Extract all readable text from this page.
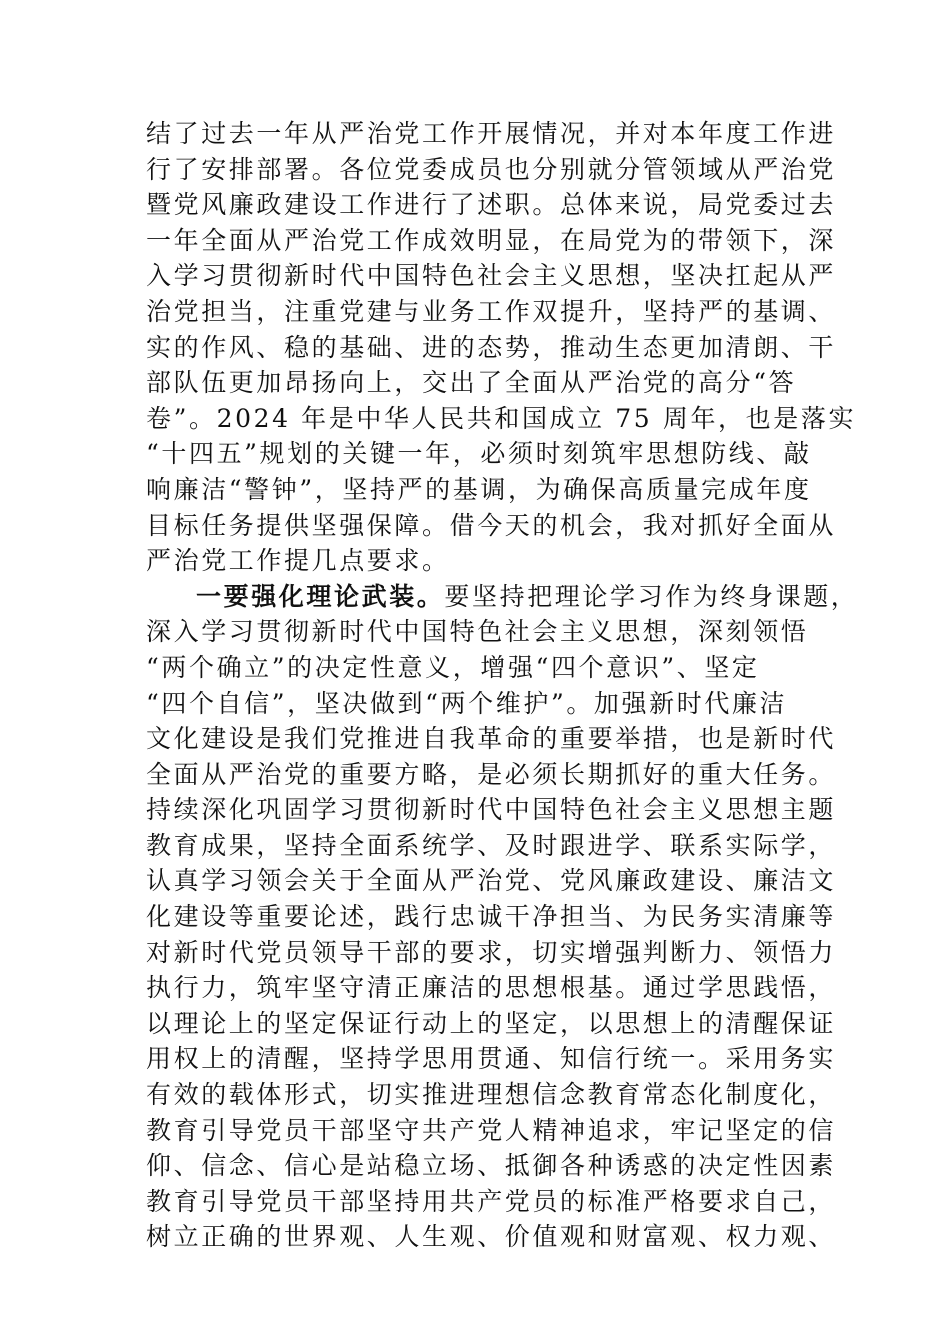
结了过去一年从严治党工作开展情况，并对本年度工作进
行了安排部署。各位党委成员也分别就分管领域从严治党
暨党风廉政建设工作进行了述职。总体来说，局党委过去
一年全面从严治党工作成效明显，在局党为的带领下，深
入学习贯彻新时代中国特色社会主义思想，坚决扛起从严
治党担当，注重党建与业务工作双提升，坚持严的基调、
实的作风、稳的基础、进的态势，推动生态更加清朗、干
部队伍更加昂扬向上，交出了全面从严治党的高分“答
卷”。2024 年是中华人民共和国成立 75 周年，也是落实
“十四五”规划的关键一年，必须时刻筑牢思想防线、敲
响廉洁“警钟”，坚持严的基调，为确保高质量完成年度
目标任务提供坚强保障。借今天的机会，我对抓好全面从
严治党工作提几点要求。
一要强化理论武装。要坚持把理论学习作为终身课题，
深入学习贯彻新时代中国特色社会主义思想，深刻领悟
“两个确立”的决定性意义，增强“四个意识”、坚定
“四个自信”，坚决做到“两个维护”。加强新时代廉洁
文化建设是我们党推进自我革命的重要举措，也是新时代
全面从严治党的重要方略，是必须长期抓好的重大任务。
持续深化巩固学习贯彻新时代中国特色社会主义思想主题
教育成果，坚持全面系统学、及时跟进学、联系实际学，
认真学习领会关于全面从严治党、党风廉政建设、廉洁文
化建设等重要论述，践行忠诚干净担当、为民务实清廉等
对新时代党员领导干部的要求，切实增强判断力、领悟力
执行力，筑牢坚守清正廉洁的思想根基。通过学思践悟，
以理论上的坚定保证行动上的坚定，以思想上的清醒保证
用权上的清醒，坚持学思用贯通、知信行统一。采用务实
有效的载体形式，切实推进理想信念教育常态化制度化，
教育引导党员干部坚守共产党人精神追求，牢记坚定的信
仰、信念、信心是站稳立场、抵御各种诱惑的决定性因素
教育引导党员干部坚持用共产党员的标准严格要求自己，
树立正确的世界观、人生观、价值观和财富观、权力观、
